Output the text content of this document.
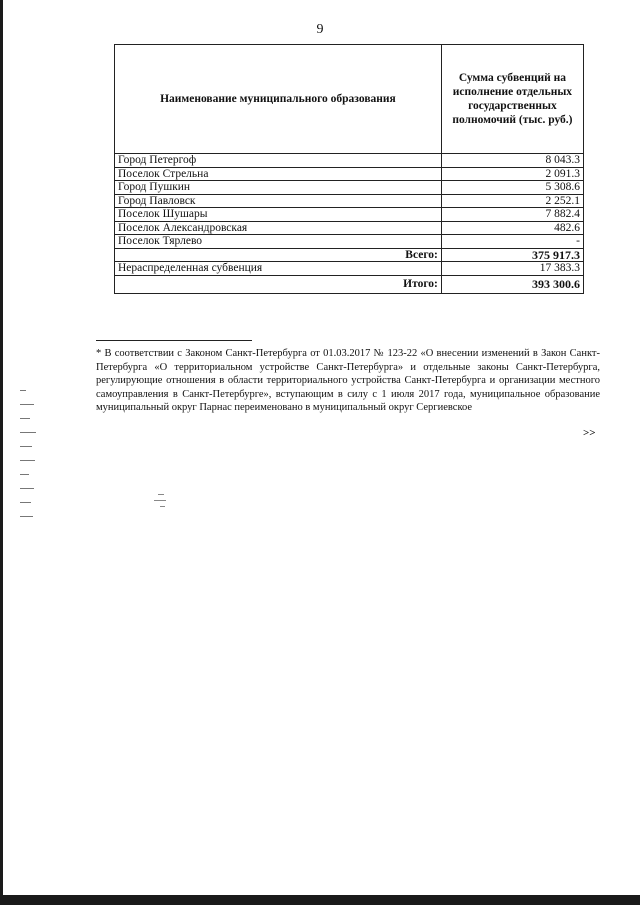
9
Наименование муниципального образования	Сумма субвенций на исполнение отдельных государственных полномочий (тыс. руб.)
Город Петергоф	8 043.3
Поселок Стрельна	2 091.3
Город Пушкин	5 308.6
Город Павловск	2 252.1
Поселок Шушары	7 882.4
Поселок Александровская	482.6
Поселок Тярлево	-
Всего:	375 917.3
Нераспределенная субвенция	17 383.3
Итого:	393 300.6
* В соответствии с Законом Санкт-Петербурга от 01.03.2017 № 123-22 «О внесении изменений в Закон Санкт-Петербурга «О территориальном устройстве Санкт-Петербурга» и отдельные законы Санкт-Петербурга, регулирующие отношения в области территориального устройства Санкт-Петербурга и организации местного самоуправления в Санкт-Петербурге», вступающим в силу с 1 июля 2017 года, муниципальное образование муниципальный округ Парнас переименовано в муниципальный округ Сергиевское
>>
